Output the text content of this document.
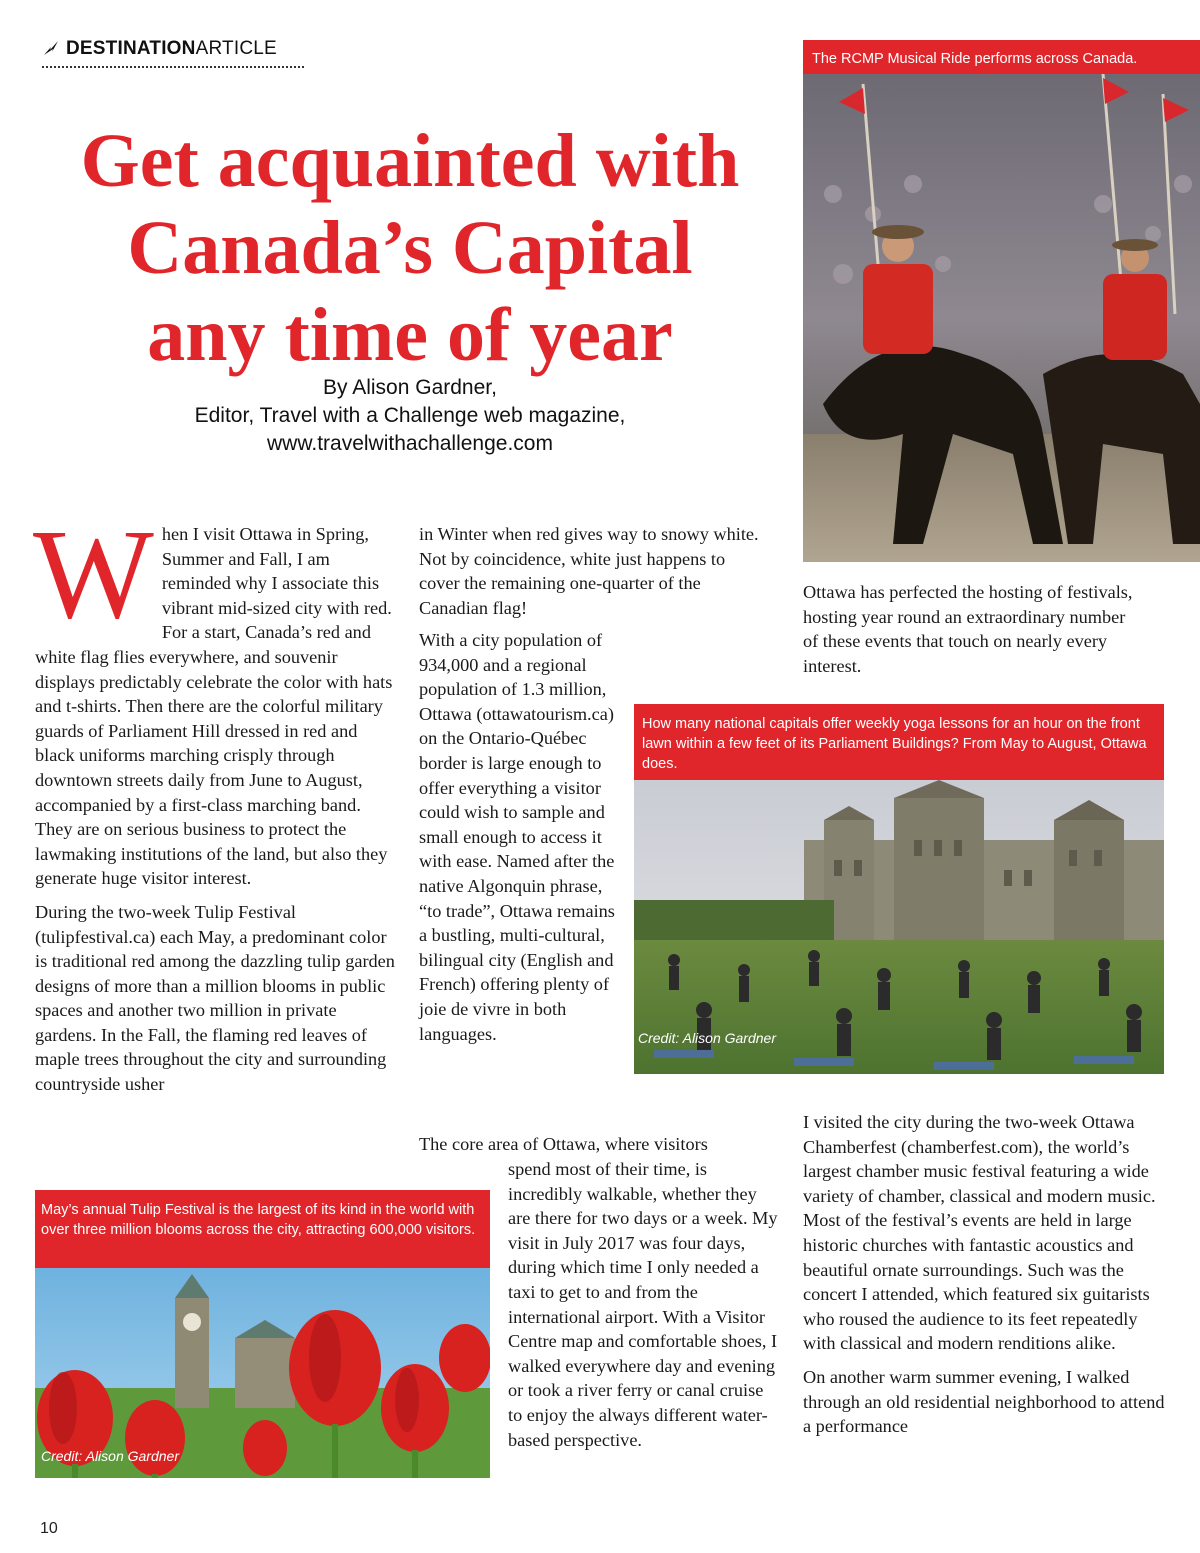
DESTINATIONARTICLE
Get acquainted with
Canada’s Capital
any time of year
By Alison Gardner,
Editor, Travel with a Challenge web magazine,
www.travelwithachallenge.com
The RCMP Musical Ride performs across Canada.

When I visit Ottawa in Spring, Summer and Fall, I am reminded why I associate this vibrant mid-sized city with red. For a start, Canada’s red and white flag flies everywhere, and souvenir displays predictably celebrate the color with hats and t-shirts. Then there are the colorful military guards of Parliament Hill dressed in red and black uniforms marching crisply through downtown streets daily from June to August, accompanied by a first-class marching band. They are on serious business to protect the lawmaking institutions of the land, but also they generate huge visitor interest.

During the two-week Tulip Festival (tulipfestival.ca) each May, a predominant color is traditional red among the dazzling tulip garden designs of more than a million blooms in public spaces and another two million in private gardens. In the Fall, the flaming red leaves of maple trees throughout the city and surrounding countryside usher

in Winter when red gives way to snowy white. Not by coincidence, white just happens to cover the remaining one-quarter of the Canadian flag!

With a city population of 934,000 and a regional population of 1.3 million, Ottawa (ottawatourism.ca) on the Ontario-Québec border is large enough to offer everything a visitor could wish to sample and small enough to access it with ease. Named after the native Algonquin phrase, “to trade”, Ottawa remains a bustling, multi-cultural, bilingual city (English and French) offering plenty of joie de vivre in both languages.

The core area of Ottawa, where visitors

spend most of their time, is incredibly walkable, whether they are there for two days or a week. My visit in July 2017 was four days, during which time I only needed a taxi to get to and from the international airport. With a Visitor Centre map and comfortable shoes, I walked everywhere day and evening or took a river ferry or canal cruise to enjoy the always different water-based perspective.

Ottawa has perfected the hosting of festivals, hosting year round an extraordinary number of these events that touch on nearly every interest.

I visited the city during the two-week Ottawa Chamberfest (chamberfest.com), the world’s largest chamber music festival featuring a wide variety of chamber, classical and modern music. Most of the festival’s events are held in large historic churches with fantastic acoustics and beautiful ornate surroundings. Such was the concert I attended, which featured six guitarists who roused the audience to its feet repeatedly with classical and modern renditions alike.

On another warm summer evening, I walked through an old residential neighborhood to attend a performance

How many national capitals offer weekly yoga lessons for an hour on the front lawn within a few feet of its Parliament Buildings? From May to August, Ottawa does.
Credit: Alison Gardner
May’s annual Tulip Festival is the largest of its kind in the world with over three million blooms across the city, attracting 600,000 visitors.
Credit: Alison Gardner
10
